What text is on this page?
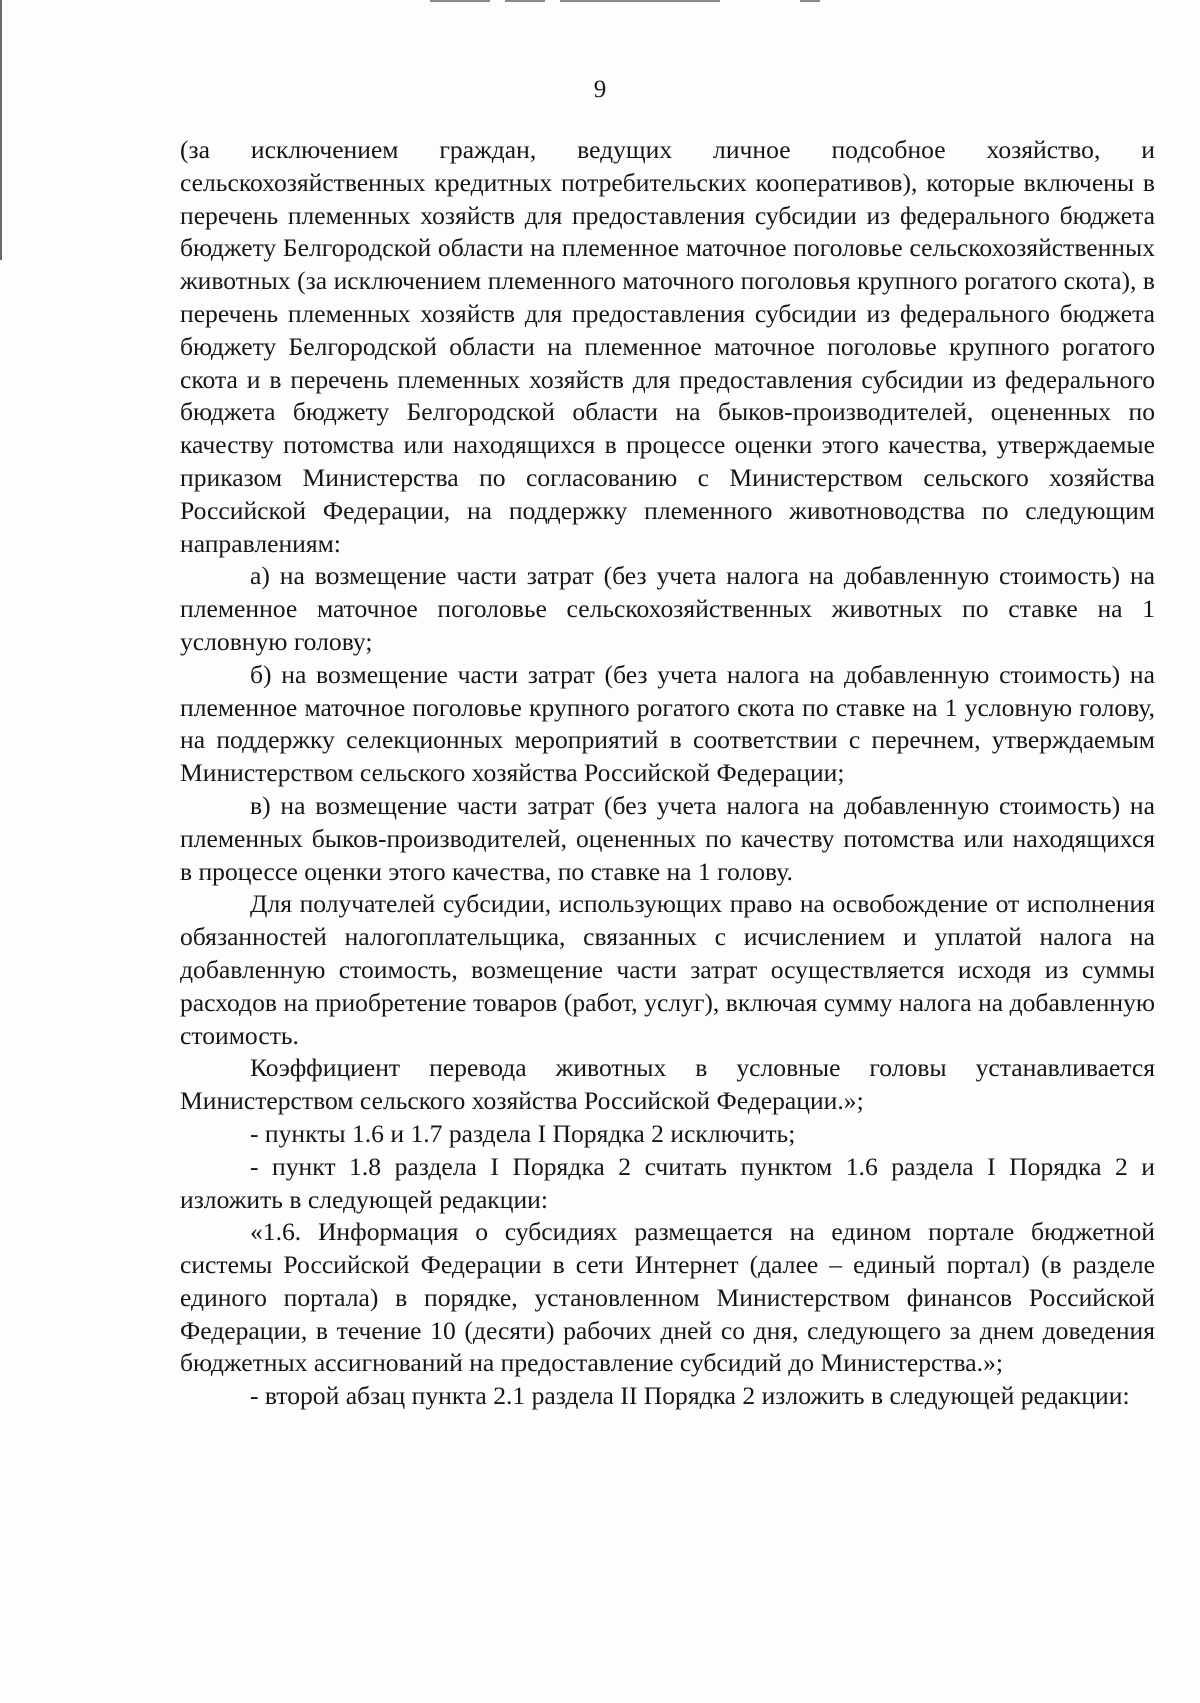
9

(за исключением граждан, ведущих личное подсобное хозяйство, и сельскохозяйственных кредитных потребительских кооперативов), которые включены в перечень племенных хозяйств для предоставления субсидии из федерального бюджета бюджету Белгородской области на племенное маточное поголовье сельскохозяйственных животных (за исключением племенного маточного поголовья крупного рогатого скота), в перечень племенных хозяйств для предоставления субсидии из федерального бюджета бюджету Белгородской области на племенное маточное поголовье крупного рогатого скота и в перечень племенных хозяйств для предоставления субсидии из федерального бюджета бюджету Белгородской области на быков-производителей, оцененных по качеству потомства или находящихся в процессе оценки этого качества, утверждаемые приказом Министерства по согласованию с Министерством сельского хозяйства Российской Федерации, на поддержку племенного животноводства по следующим направлениям:

а) на возмещение части затрат (без учета налога на добавленную стоимость) на племенное маточное поголовье сельскохозяйственных животных по ставке на 1 условную голову;

б) на возмещение части затрат (без учета налога на добавленную стоимость) на племенное маточное поголовье крупного рогатого скота по ставке на 1 условную голову, на поддержку селекционных мероприятий в соответствии с перечнем, утверждаемым Министерством сельского хозяйства Российской Федерации;

в) на возмещение части затрат (без учета налога на добавленную стоимость) на племенных быков-производителей, оцененных по качеству потомства или находящихся в процессе оценки этого качества, по ставке на 1 голову.

Для получателей субсидии, использующих право на освобождение от исполнения обязанностей налогоплательщика, связанных с исчислением и уплатой налога на добавленную стоимость, возмещение части затрат осуществляется исходя из суммы расходов на приобретение товаров (работ, услуг), включая сумму налога на добавленную стоимость.

Коэффициент перевода животных в условные головы устанавливается Министерством сельского хозяйства Российской Федерации.»;

- пункты 1.6 и 1.7 раздела I Порядка 2 исключить;

- пункт 1.8 раздела I Порядка 2 считать пунктом 1.6 раздела I Порядка 2 и изложить в следующей редакции:

«1.6. Информация о субсидиях размещается на едином портале бюджетной системы Российской Федерации в сети Интернет (далее – единый портал) (в разделе единого портала) в порядке, установленном Министерством финансов Российской Федерации, в течение 10 (десяти) рабочих дней со дня, следующего за днем доведения бюджетных ассигнований на предоставление субсидий до Министерства.»;

- второй абзац пункта 2.1 раздела II Порядка 2 изложить в следующей редакции:
